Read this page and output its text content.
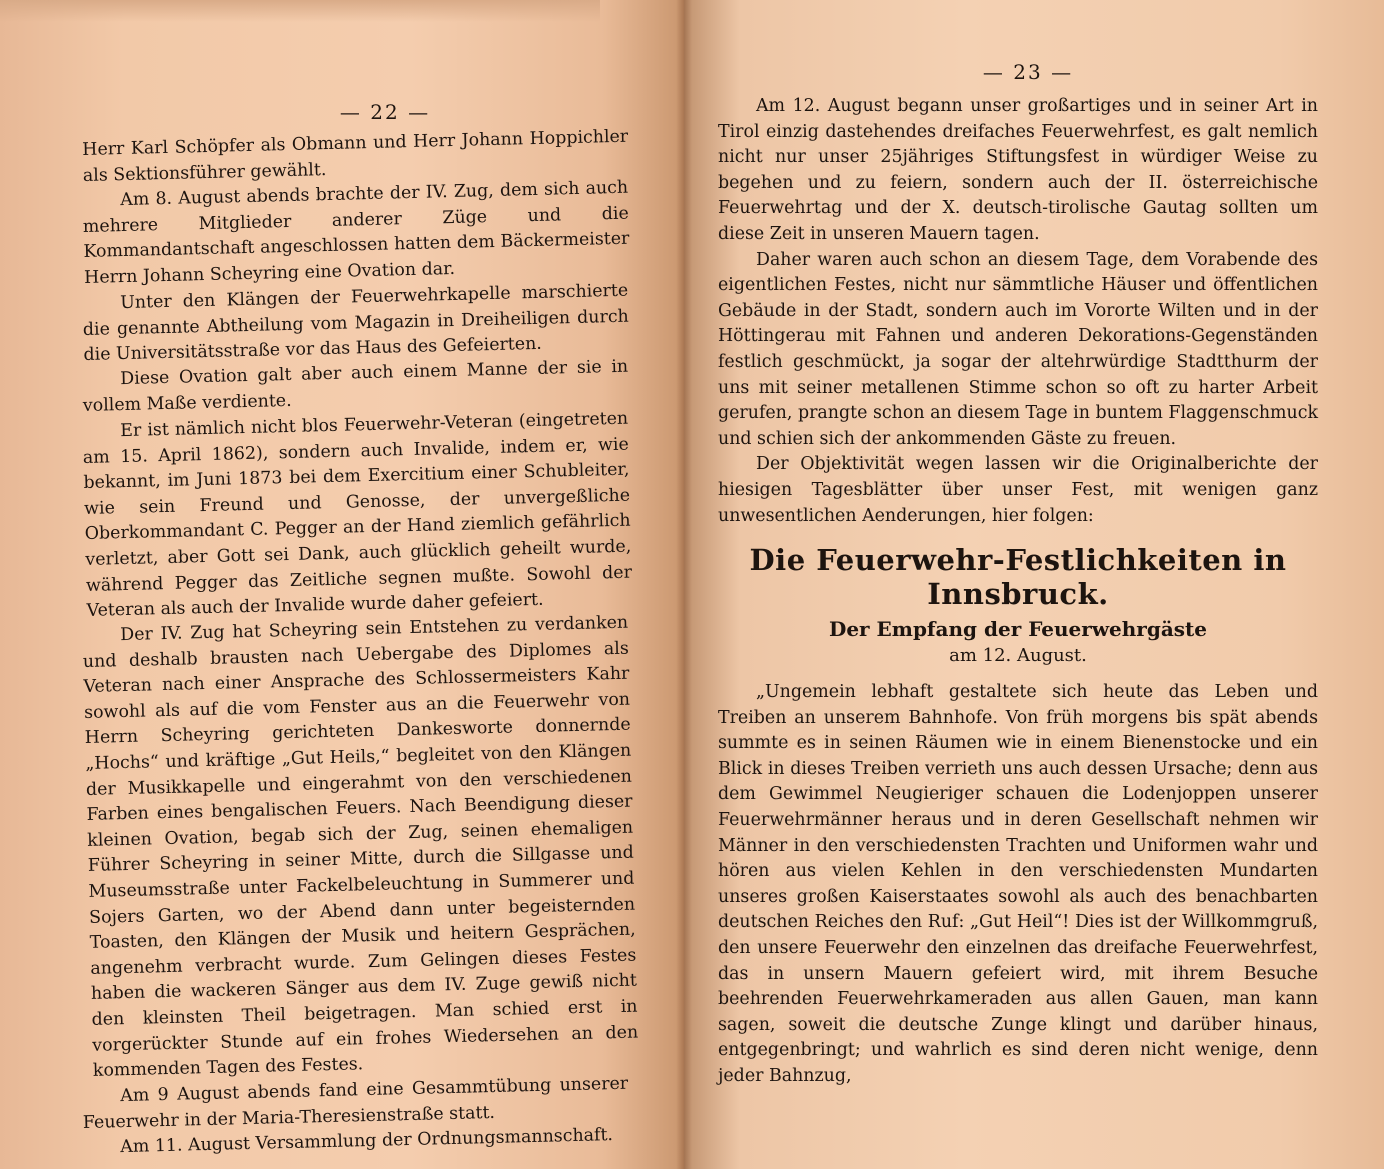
— 22 —

Herr Karl Schöpfer als Obmann und Herr Johann Hoppichler als Sektionsführer gewählt.

Am 8. August abends brachte der IV. Zug, dem sich auch mehrere Mitglieder anderer Züge und die Kommandantschaft angeschlossen hatten dem Bäckermeister Herrn Johann Scheyring eine Ovation dar.

Unter den Klängen der Feuerwehrkapelle marschierte die genannte Abtheilung vom Magazin in Dreiheiligen durch die Universitätsstraße vor das Haus des Gefeierten.

Diese Ovation galt aber auch einem Manne der sie in vollem Maße verdiente.

Er ist nämlich nicht blos Feuerwehr-Veteran (eingetreten am 15. April 1862), sondern auch Invalide, indem er, wie bekannt, im Juni 1873 bei dem Exercitium einer Schubleiter, wie sein Freund und Genosse, der unvergeßliche Oberkommandant C. Pegger an der Hand ziemlich gefährlich verletzt, aber Gott sei Dank, auch glücklich geheilt wurde, während Pegger das Zeitliche segnen mußte. Sowohl der Veteran als auch der Invalide wurde daher gefeiert.

Der IV. Zug hat Scheyring sein Entstehen zu verdanken und deshalb brausten nach Uebergabe des Diplomes als Veteran nach einer Ansprache des Schlossermeisters Kahr sowohl als auf die vom Fenster aus an die Feuerwehr von Herrn Scheyring gerichteten Dankesworte donnernde „Hochs“ und kräftige „Gut Heils,“ begleitet von den Klängen der Musikkapelle und eingerahmt von den verschiedenen Farben eines bengalischen Feuers. Nach Beendigung dieser kleinen Ovation, begab sich der Zug, seinen ehemaligen Führer Scheyring in seiner Mitte, durch die Sillgasse und Museumsstraße unter Fackelbeleuchtung in Summerer und Sojers Garten, wo der Abend dann unter begeisternden Toasten, den Klängen der Musik und heitern Gesprächen, angenehm verbracht wurde. Zum Gelingen dieses Festes haben die wackeren Sänger aus dem IV. Zuge gewiß nicht den kleinsten Theil beigetragen. Man schied erst in vorgerückter Stunde auf ein frohes Wiedersehen an den kommenden Tagen des Festes.

Am 9 August abends fand eine Gesammtübung unserer Feuerwehr in der Maria-Theresienstraße statt.

Am 11. August Versammlung der Ordnungsmannschaft.

— 23 —

Am 12. August begann unser großartiges und in seiner Art in Tirol einzig dastehendes dreifaches Feuerwehrfest, es galt nemlich nicht nur unser 25jähriges Stiftungsfest in würdiger Weise zu begehen und zu feiern, sondern auch der II. österreichische Feuerwehrtag und der X. deutsch-tirolische Gautag sollten um diese Zeit in unseren Mauern tagen.

Daher waren auch schon an diesem Tage, dem Vorabende des eigentlichen Festes, nicht nur sämmtliche Häuser und öffentlichen Gebäude in der Stadt, sondern auch im Vororte Wilten und in der Höttingerau mit Fahnen und anderen Dekorations-Gegenständen festlich geschmückt, ja sogar der altehrwürdige Stadtthurm der uns mit seiner metallenen Stimme schon so oft zu harter Arbeit gerufen, prangte schon an diesem Tage in buntem Flaggenschmuck und schien sich der ankommenden Gäste zu freuen.

Der Objektivität wegen lassen wir die Originalberichte der hiesigen Tagesblätter über unser Fest, mit wenigen ganz unwesentlichen Aenderungen, hier folgen:

Die Feuerwehr-Festlichkeiten in Innsbruck.
Der Empfang der Feuerwehrgäste
am 12. August.

„Ungemein lebhaft gestaltete sich heute das Leben und Treiben an unserem Bahnhofe. Von früh morgens bis spät abends summte es in seinen Räumen wie in einem Bienenstocke und ein Blick in dieses Treiben verrieth uns auch dessen Ursache; denn aus dem Gewimmel Neugieriger schauen die Lodenjoppen unserer Feuerwehrmänner heraus und in deren Gesellschaft nehmen wir Männer in den verschiedensten Trachten und Uniformen wahr und hören aus vielen Kehlen in den verschiedensten Mundarten unseres großen Kaiserstaates sowohl als auch des benachbarten deutschen Reiches den Ruf: „Gut Heil“! Dies ist der Willkommgruß, den unsere Feuerwehr den einzelnen das dreifache Feuerwehrfest, das in unsern Mauern gefeiert wird, mit ihrem Besuche beehrenden Feuerwehrkameraden aus allen Gauen, man kann sagen, soweit die deutsche Zunge klingt und darüber hinaus, entgegenbringt; und wahrlich es sind deren nicht wenige, denn jeder Bahnzug,
